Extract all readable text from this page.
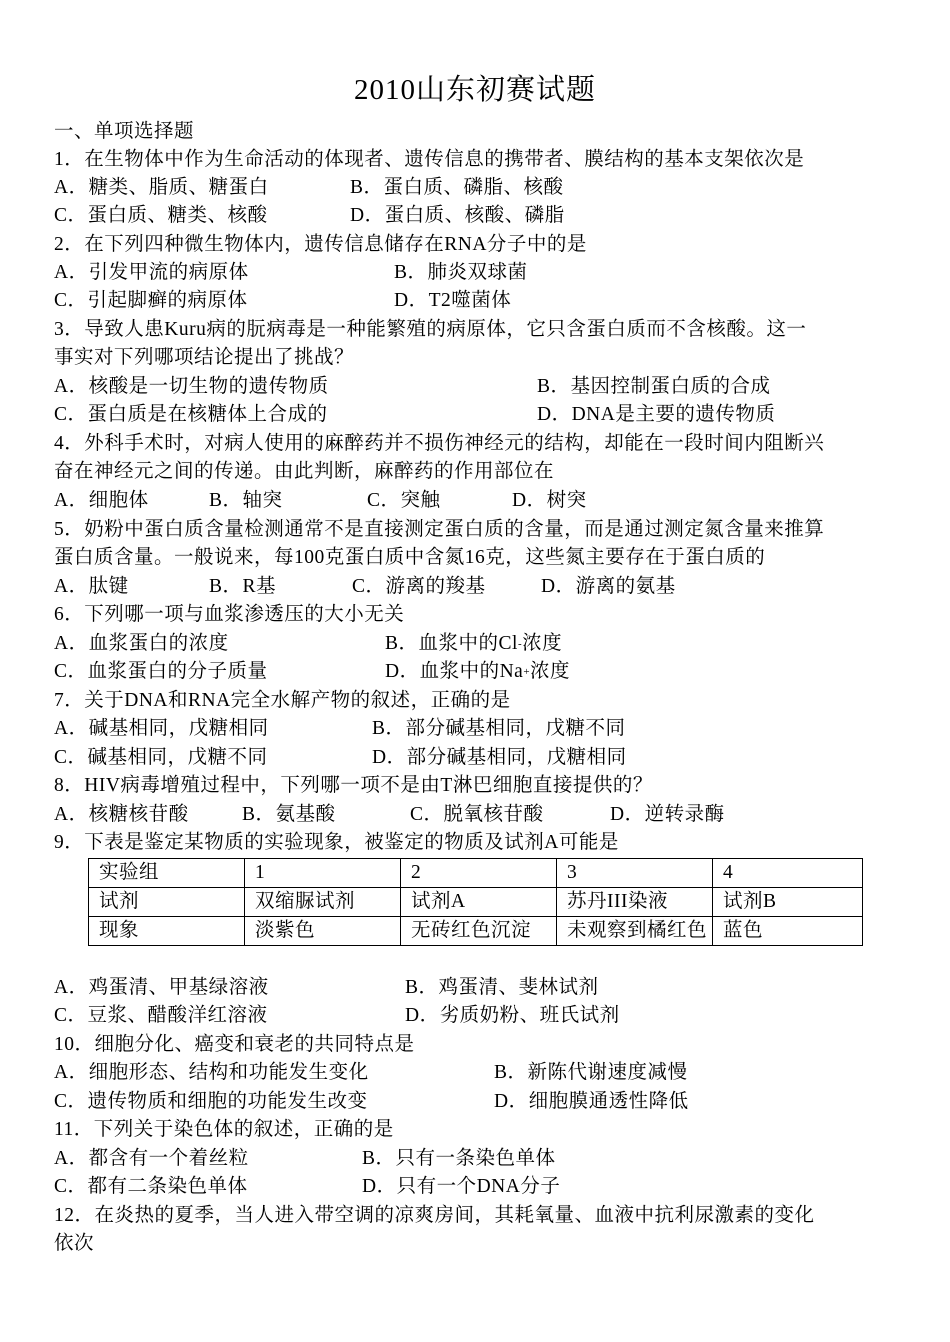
2010山东初赛试题
一、单项选择题
1．在生物体中作为生命活动的体现者、遗传信息的携带者、膜结构的基本支架依次是
A．糖类、脂质、糖蛋白	B．蛋白质、磷脂、核酸
C．蛋白质、糖类、核酸	D．蛋白质、核酸、磷脂
2．在下列四种微生物体内，遗传信息储存在RNA分子中的是
A．引发甲流的病原体	B．肺炎双球菌
C．引起脚癣的病原体	D．T2噬菌体
3．导致人患Kuru病的朊病毒是一种能繁殖的病原体，它只含蛋白质而不含核酸。这一
事实对下列哪项结论提出了挑战？
A．核酸是一切生物的遗传物质	B．基因控制蛋白质的合成
C．蛋白质是在核糖体上合成的	D．DNA是主要的遗传物质
4．外科手术时，对病人使用的麻醉药并不损伤神经元的结构，却能在一段时间内阻断兴
奋在神经元之间的传递。由此判断，麻醉药的作用部位在
A．细胞体	B．轴突	C．突触	D．树突
5．奶粉中蛋白质含量检测通常不是直接测定蛋白质的含量，而是通过测定氮含量来推算
蛋白质含量。一般说来，每100克蛋白质中含氮16克，这些氮主要存在于蛋白质的
A．肽键	B．R基	C．游离的羧基	D．游离的氨基
6．下列哪一项与血浆渗透压的大小无关
A．血浆蛋白的浓度	B．血浆中的Cl-浓度
C．血浆蛋白的分子质量	D．血浆中的Na+浓度
7．关于DNA和RNA完全水解产物的叙述，正确的是
A．碱基相同，戊糖相同	B．部分碱基相同，戊糖不同
C．碱基相同，戊糖不同	D．部分碱基相同，戊糖相同
8．HIV病毒增殖过程中，下列哪一项不是由T淋巴细胞直接提供的？
A．核糖核苷酸	B．氨基酸	C．脱氧核苷酸	D．逆转录酶
9．下表是鉴定某物质的实验现象，被鉴定的物质及试剂A可能是
实验组	1	2	3	4
试剂	双缩脲试剂	试剂A	苏丹III染液	试剂B
现象	淡紫色	无砖红色沉淀	未观察到橘红色	蓝色
A．鸡蛋清、甲基绿溶液	B．鸡蛋清、斐林试剂
C．豆浆、醋酸洋红溶液	D．劣质奶粉、班氏试剂
10．细胞分化、癌变和衰老的共同特点是
A．细胞形态、结构和功能发生变化	B．新陈代谢速度减慢
C．遗传物质和细胞的功能发生改变	D．细胞膜通透性降低
11．下列关于染色体的叙述，正确的是
A．都含有一个着丝粒	B．只有一条染色单体
C．都有二条染色单体	D．只有一个DNA分子
12．在炎热的夏季，当人进入带空调的凉爽房间，其耗氧量、血液中抗利尿激素的变化
依次
